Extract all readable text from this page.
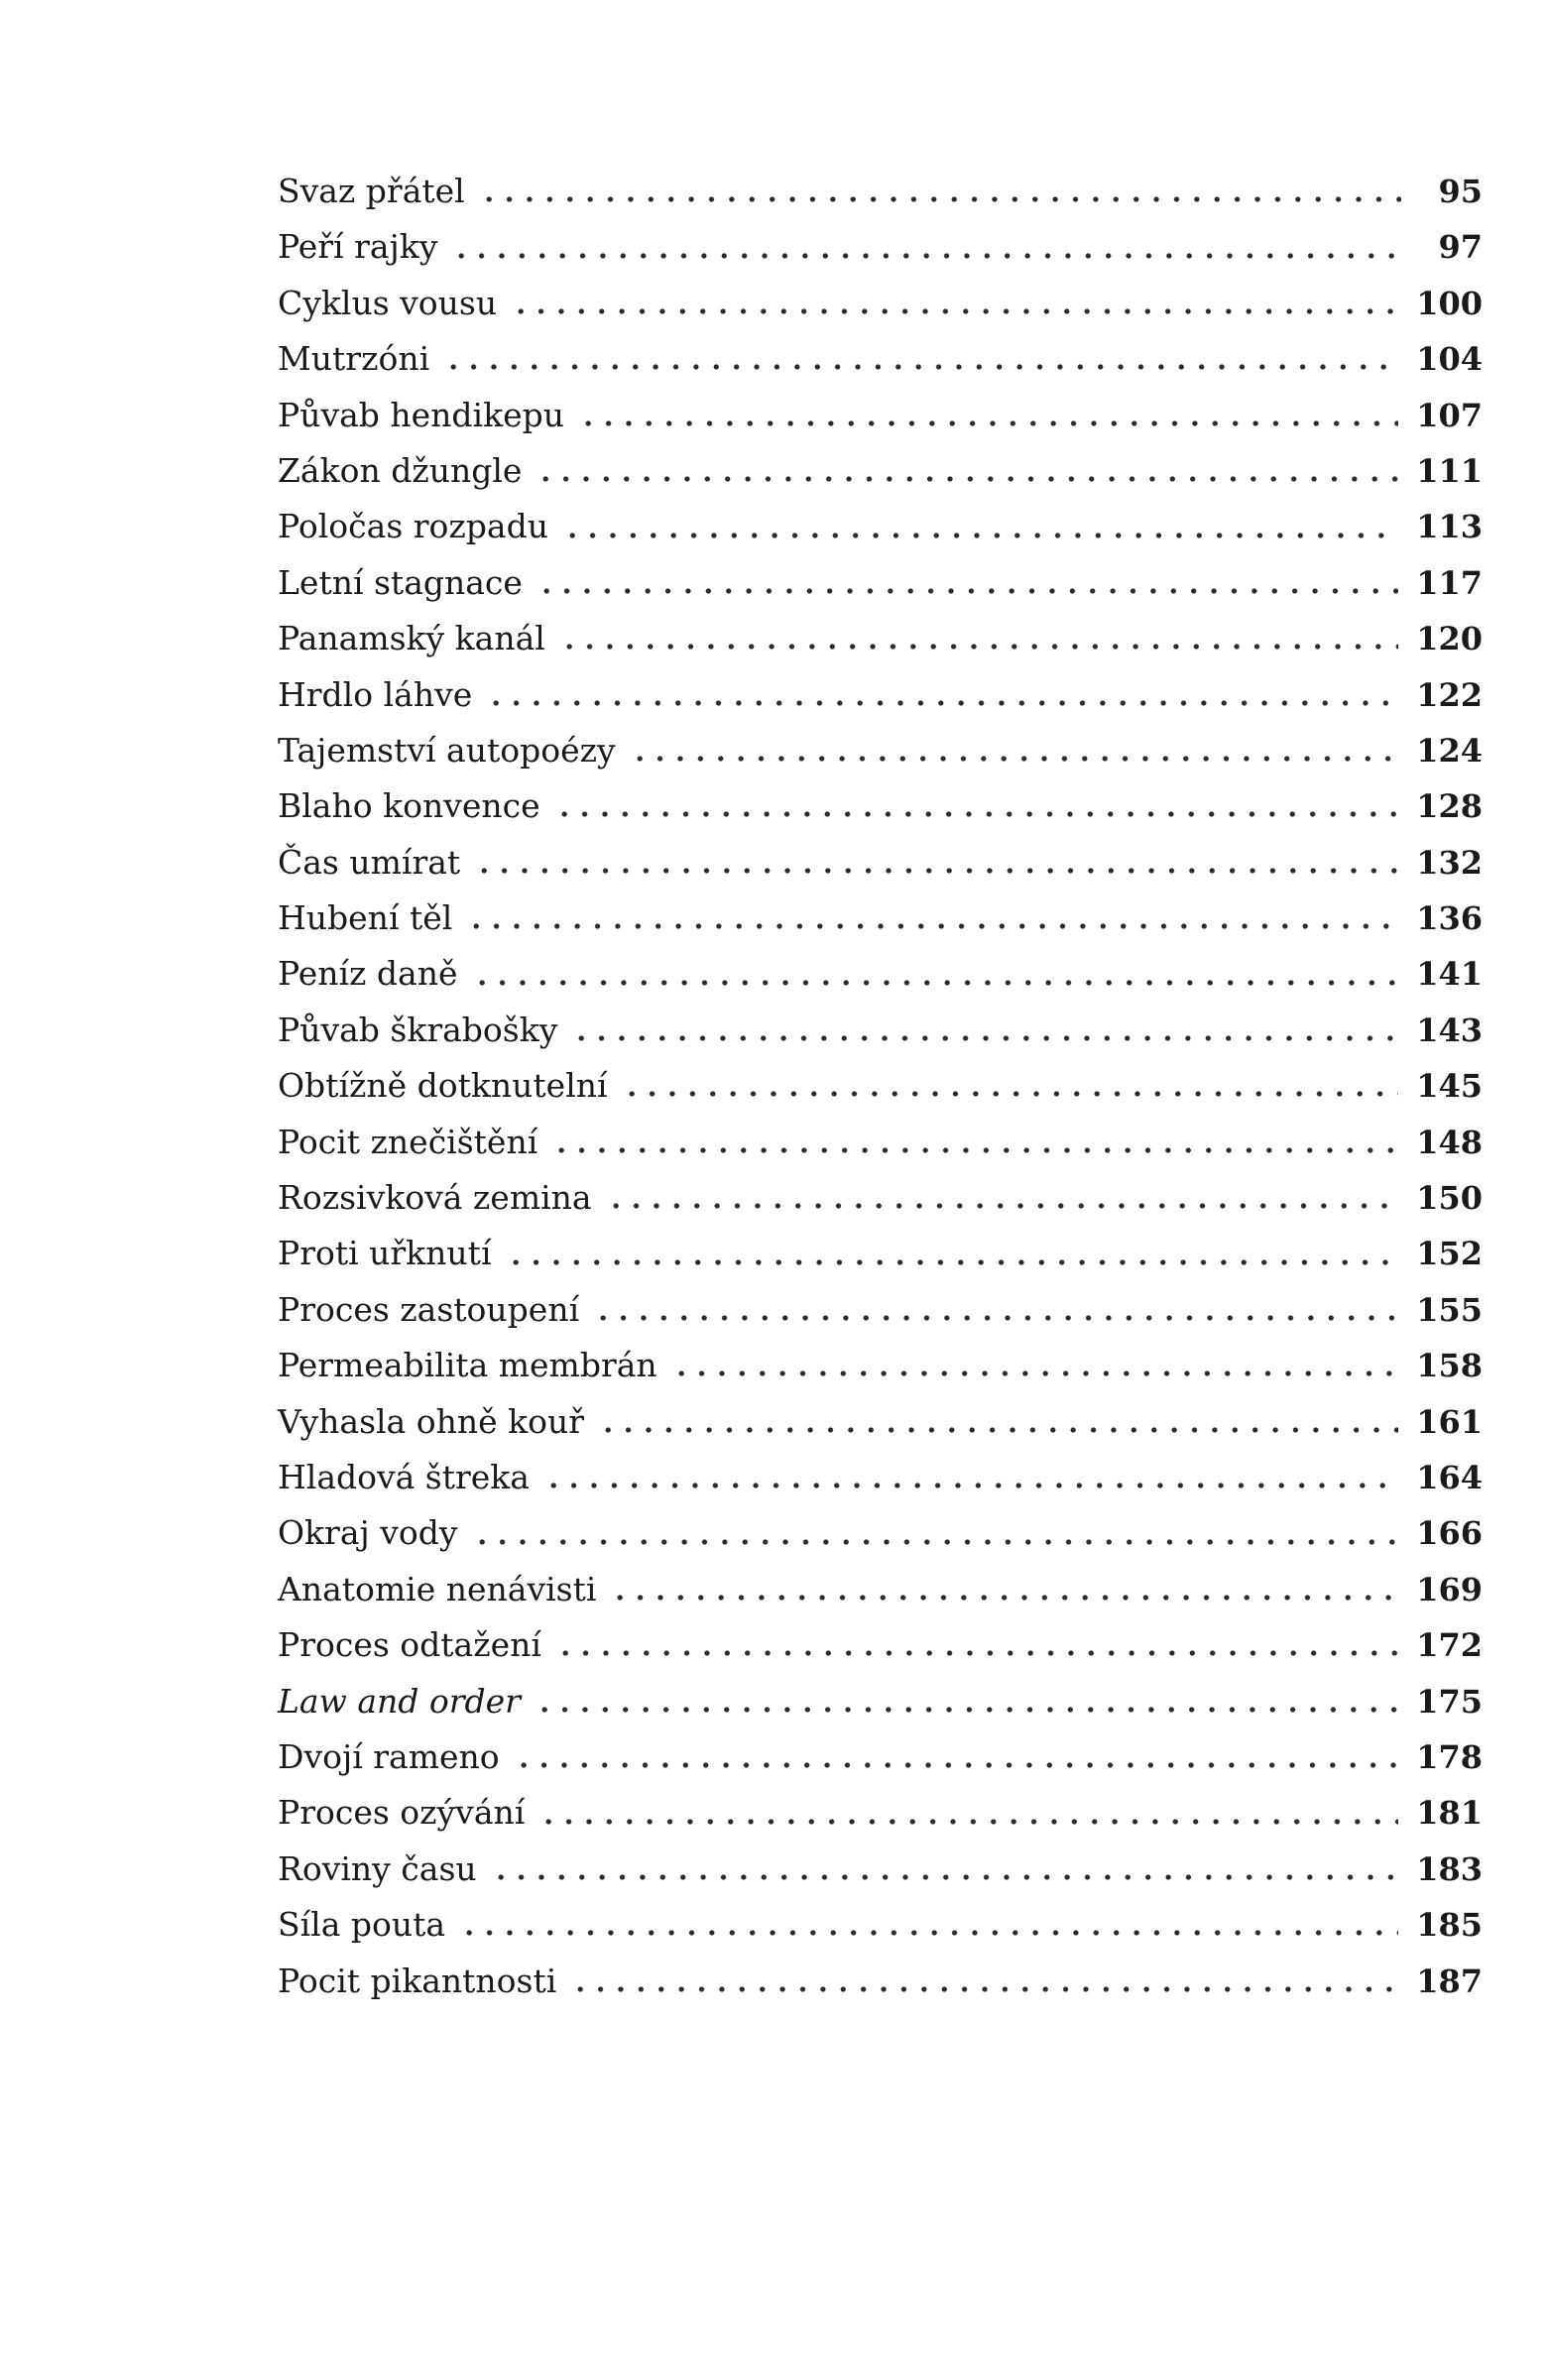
Svaz přátel	95
Peří rajky	97
Cyklus vousu	100
Mutrzóni	104
Půvab hendikepu	107
Zákon džungle	111
Poločas rozpadu	113
Letní stagnace	117
Panamský kanál	120
Hrdlo láhve	122
Tajemství autopoézy	124
Blaho konvence	128
Čas umírat	132
Hubení těl	136
Peníz daně	141
Půvab škrabošky	143
Obtížně dotknutelní	145
Pocit znečištění	148
Rozsivková zemina	150
Proti uřknutí	152
Proces zastoupení	155
Permeabilita membrán	158
Vyhasla ohně kouř	161
Hladová štreka	164
Okraj vody	166
Anatomie nenávisti	169
Proces odtažení	172
Law and order	175
Dvojí rameno	178
Proces ozývání	181
Roviny času	183
Síla pouta	185
Pocit pikantnosti	187
